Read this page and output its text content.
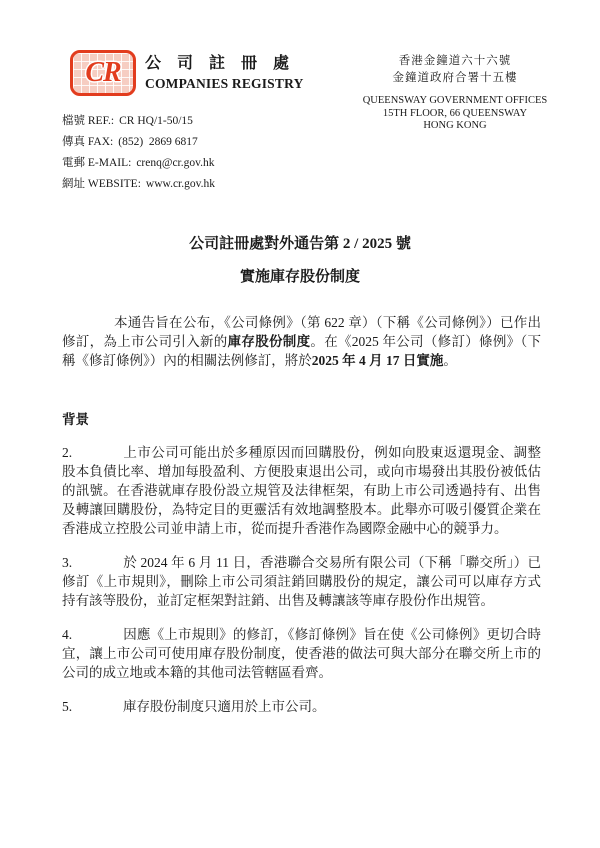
CR 公 司 註 冊 處
COMPANIES REGISTRY
香港金鐘道六十六號
金鐘道政府合署十五樓
QUEENSWAY GOVERNMENT OFFICES
15TH FLOOR, 66 QUEENSWAY
HONG KONG
檔號 REF.: CR HQ/1-50/15
傳真 FAX: (852)  2869 6817
電郵 E-MAIL: crenq@cr.gov.hk
網址 WEBSITE: www.cr.gov.hk
公司註冊處對外通告第 2 / 2025 號
實施庫存股份制度

本通告旨在公布，《公司條例》（第 622 章）（下稱《公司條例》）已作出修訂，為上市公司引入新的庫存股份制度。在《2025 年公司（修訂）條例》（下稱《修訂條例》）內的相關法例修訂，將於2025 年 4 月 17 日實施。

背景

2.	上市公司可能出於多種原因而回購股份，例如向股東返還現金、調整股本負債比率、增加每股盈利、方便股東退出公司，或向市場發出其股份被低估的訊號。在香港就庫存股份設立規管及法律框架，有助上市公司透過持有、出售及轉讓回購股份，為特定目的更靈活有效地調整股本。此舉亦可吸引優質企業在香港成立控股公司並申請上市，從而提升香港作為國際金融中心的競爭力。

3.	於 2024 年 6 月 11 日，香港聯合交易所有限公司（下稱「聯交所」）已修訂《上市規則》，刪除上市公司須註銷回購股份的規定，讓公司可以庫存方式持有該等股份，並訂定框架對註銷、出售及轉讓該等庫存股份作出規管。

4.	因應《上市規則》的修訂，《修訂條例》旨在使《公司條例》更切合時宜，讓上市公司可使用庫存股份制度，使香港的做法可與大部分在聯交所上市的公司的成立地或本籍的其他司法管轄區看齊。

5.	庫存股份制度只適用於上市公司。
